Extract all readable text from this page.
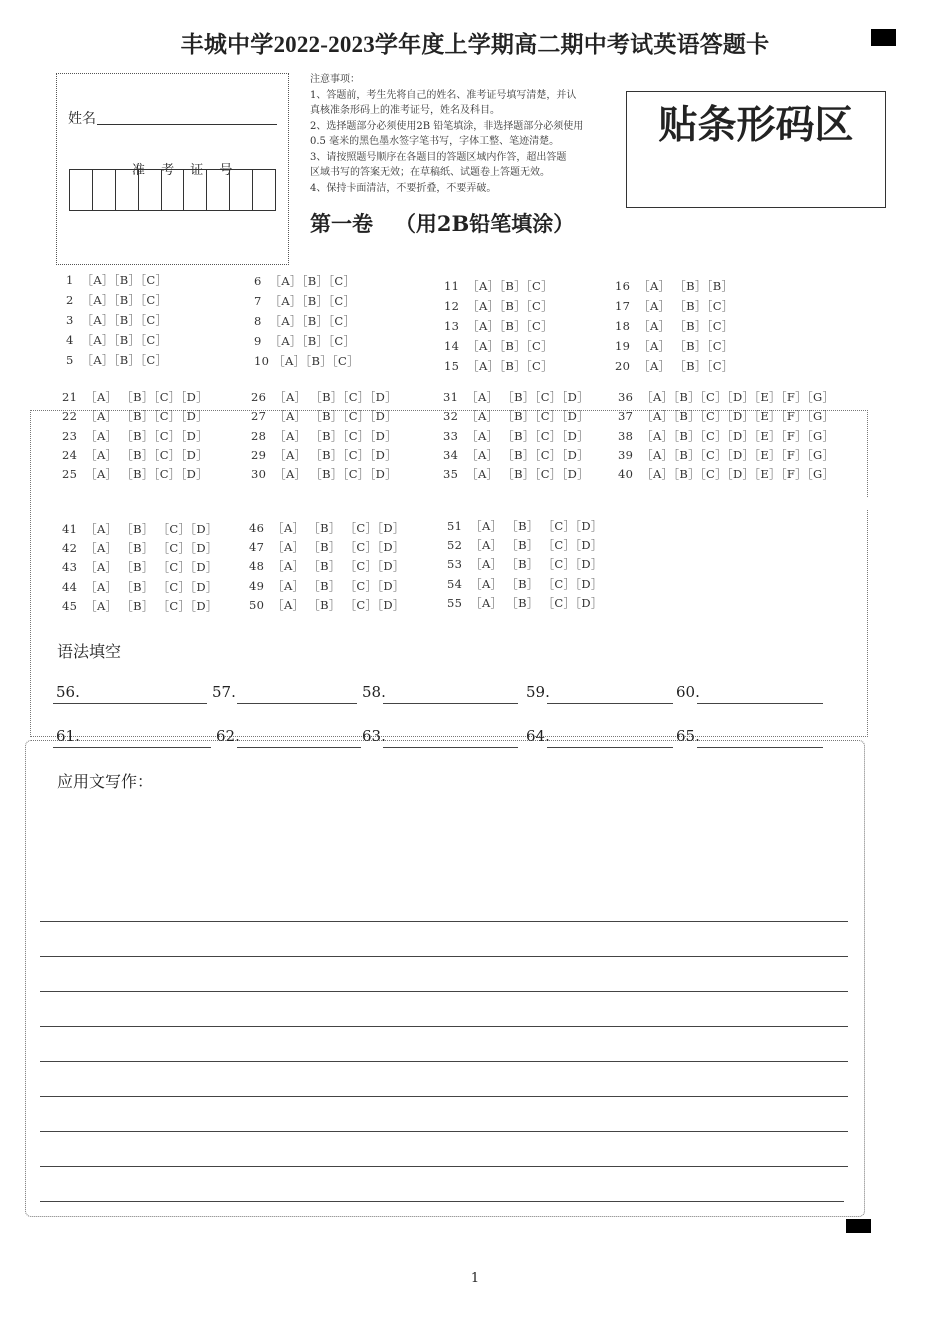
丰城中学2022-2023学年度上学期高二期中考试英语答题卡
姓名
准 考 证 号
注意事项：
1、答题前，考生先将自己的姓名、准考证号填写清楚，并认
真核准条形码上的准考证号，姓名及科目。
2、选择题部分必须使用2B 铅笔填涂，非选择题部分必须使用
0.5 毫米的黑色墨水签字笔书写，字体工整、笔迹清楚。
3、请按照题号顺序在各题目的答题区域内作答，超出答题
区域书写的答案无效；在草稿纸、试题卷上答题无效。
4、保持卡面清洁，不要折叠，不要弄破。
贴条形码区
第一卷   （用2B铅笔填涂）
语法填空
56.	57.	58.	59.	60.
61.	62.	63.	64.	65.
应用文写作：
1
1  ［A］［B］［C］
2  ［A］［B］［C］
3  ［A］［B］［C］
4  ［A］［B］［C］
5  ［A］［B］［C］
6  ［A］［B］［C］
7  ［A］［B］［C］
8  ［A］［B］［C］
9  ［A］［B］［C］
10 ［A］［B］［C］
11  ［A］［B］［C］
12  ［A］［B］［C］
13  ［A］［B］［C］
14  ［A］［B］［C］
15  ［A］［B］［C］
16  ［A］ ［B］［B］
17  ［A］ ［B］［C］
18  ［A］ ［B］［C］
19  ［A］ ［B］［C］
20  ［A］ ［B］［C］
21  ［A］ ［B］［C］［D］
22  ［A］ ［B］［C］［D］
23  ［A］ ［B］［C］［D］
24  ［A］ ［B］［C］［D］
25  ［A］ ［B］［C］［D］
26  ［A］ ［B］［C］［D］
27  ［A］ ［B］［C］［D］
28  ［A］ ［B］［C］［D］
29  ［A］ ［B］［C］［D］
30  ［A］ ［B］［C］［D］
31  ［A］ ［B］［C］［D］
32  ［A］ ［B］［C］［D］
33  ［A］ ［B］［C］［D］
34  ［A］ ［B］［C］［D］
35  ［A］ ［B］［C］［D］
36  ［A］［B］［C］［D］［E］［F］［G］
37  ［A］［B］［C］［D］［E］［F］［G］
38  ［A］［B］［C］［D］［E］［F］［G］
39  ［A］［B］［C］［D］［E］［F］［G］
40  ［A］［B］［C］［D］［E］［F］［G］
41  ［A］ ［B］ ［C］［D］
42  ［A］ ［B］ ［C］［D］
43  ［A］ ［B］ ［C］［D］
44  ［A］ ［B］ ［C］［D］
45  ［A］ ［B］ ［C］［D］
46  ［A］ ［B］ ［C］［D］
47  ［A］ ［B］ ［C］［D］
48  ［A］ ［B］ ［C］［D］
49  ［A］ ［B］ ［C］［D］
50  ［A］ ［B］ ［C］［D］
51  ［A］ ［B］ ［C］［D］
52  ［A］ ［B］ ［C］［D］
53  ［A］ ［B］ ［C］［D］
54  ［A］ ［B］ ［C］［D］
55  ［A］ ［B］ ［C］［D］
